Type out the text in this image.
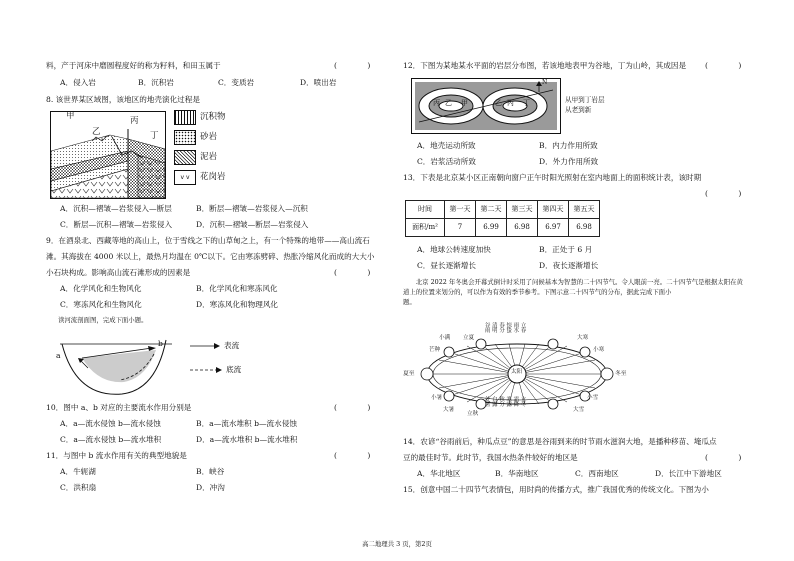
料，产于河床中磨圆程度好的称为籽料，和田玉属于	(　　　　)
A．侵入岩	B．沉积岩	C．变质岩	D．喷出岩
8. 该世界某区域图，该地区的地壳演化过程是
甲
乙
丙
丁
沉积物
砂岩
泥岩
v v	花岗岩
A．沉积—褶皱—岩浆侵入—断层	B．断层—褶皱—岩浆侵入—沉积
C．断层—沉积—褶皱—岩浆侵入	D．沉积—褶皱—断层—岩浆侵入
9．在酒泉北、西藏等地的高山上，位于雪线之下的山草甸之上，有一个特殊的地带——高山流石
滩。其海拔在 4000 米以上，最热月均温在 0℃以下。它由寒冻劈碎、热胀冷缩风化而成的大大小
小石块构成。影响高山流石滩形成的因素是	(　　　　)
A．化学风化和生物风化	B．化学风化和寒冻风化
C．寒冻风化和生物风化	D．寒冻风化和物理风化
读河流剖面图，完成下面小题。
a
b	表流
底流
10．图中 a、b 对应的主要流水作用分别是	(　　　　)
A．a—流水侵蚀 b—流水侵蚀	B．a—流水堆积 b—流水侵蚀
C．a—流水侵蚀 b—流水堆积	D．a—流水堆积 b—流水堆积
11．与图中 b 流水作用有关的典型地貌是	(　　　　)
A．牛轭湖	B．峡谷
C．洪积扇	D．冲沟
12．下图为某地某水平面的岩层分布图，若该地地表甲为谷地，丁为山岭，其成因是 (　　　　)
N
丙 乙 甲	乙 丙 丁	从甲到丁岩层
从老到新
A．地壳运动所致	B．内力作用所致
C．岩浆活动所致	D．外力作用所致
13．下表是北京某小区正南朝向窗户正午时阳光照射在室内地面上的面积统计表，该时期
(　　　　)
时间	第一天	第二天	第三天	第四天	第五天
面积/m²	7	6.99	6.98	6.97	6.98
A．地球公转速度加快	B．正处于 6 月
C．昼长逐渐增长	D．夜长逐渐增长
北京 2022 年冬奥会开幕式倒计时采用了问候基本为智慧的二十四节气。令人眼前一亮。二十四节气是根据太阳在黄道上的位置来划分的，可以作为有效的季节参考。下图示意二十四节气的分布，据此完成下面小
题。
太阳
夏至	冬至
谷雨 清明 春分 惊蛰 雨水 立春
处暑 白露 秋分 寒露 霜降 立冬
芒种
小满 立夏	大寒
小寒
小暑
大暑
立秋
小雪
大雪
14．农谚“谷雨前后，种瓜点豆”的意思是谷雨到来的时节雨水滋润大地，是播种移苗、埯瓜点
豆的最佳时节。此时节，我国水热条件较好的地区是	(　　　　)
A．华北地区	B．华南地区	C．西南地区	D．长江中下游地区
15．创意中国二十四节气表情包，用时尚的传播方式，推广我国优秀的传统文化。下图为小
高二地理共 3 页，第2页
